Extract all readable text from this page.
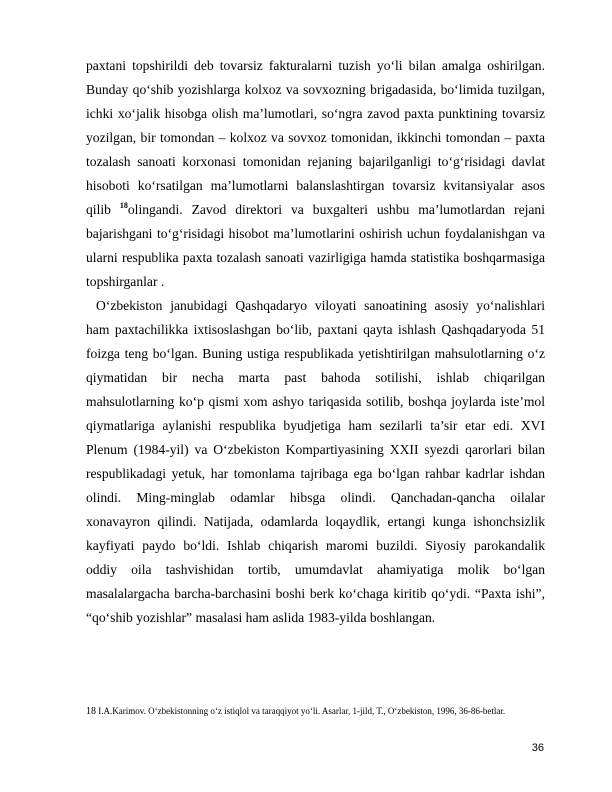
paxtani topshirildi deb tovarsiz fakturalarni tuzish yo‘li bilan amalga oshirilgan.
Bunday qo‘shib yozishlarga kolxoz va sovxozning brigadasida, bo‘limida tuzilgan,
ichki xo‘jalik hisobga olish ma’lumotlari, so‘ngra zavod paxta punktining tovarsiz
yozilgan, bir tomondan – kolxoz va sovxoz tomonidan, ikkinchi tomondan – paxta
tozalash sanoati korxonasi tomonidan rejaning bajarilganligi to‘g‘risidagi davlat
hisoboti ko‘rsatilgan ma’lumotlarni balanslashtirgan tovarsiz kvitansiyalar asos
qilib $^{18}$olingandi. Zavod direktori va buxgalteri ushbu ma’lumotlardan rejani
bajarishgani to‘g‘risidagi hisobot ma’lumotlarini oshirish uchun foydalanishgan va
ularni respublika paxta tozalash sanoati vazirligiga hamda statistika boshqarmasiga
topshirganlar .
O‘zbekiston janubidagi Qashqadaryo viloyati sanoatining asosiy yo‘nalishlari
ham paxtachilikka ixtisoslashgan bo‘lib, paxtani qayta ishlash Qashqadaryoda 51
foizga teng bo‘lgan. Buning ustiga respublikada yetishtirilgan mahsulotlarning o‘z
qiymatidan bir necha marta past bahoda sotilishi, ishlab chiqarilgan
mahsulotlarning ko‘p qismi xom ashyo tariqasida sotilib, boshqa joylarda iste’mol
qiymatlariga aylanishi respublika byudjetiga ham sezilarli ta’sir etar edi. XVI
Plenum (1984-yil) va O‘zbekiston Kompartiyasining XXII syezdi qarorlari bilan
respublikadagi yetuk, har tomonlama tajribaga ega bo‘lgan rahbar kadrlar ishdan
olindi. Ming-minglab odamlar hibsga olindi. Qanchadan-qancha oilalar
xonavayron qilindi. Natijada, odamlarda loqaydlik, ertangi kunga ishonchsizlik
kayfiyati paydo bo‘ldi. Ishlab chiqarish maromi buzildi. Siyosiy parokandalik
oddiy oila tashvishidan tortib, umumdavlat ahamiyatiga molik bo‘lgan
masalalargacha barcha-barchasini boshi berk ko‘chaga kiritib qo‘ydi. “Paxta ishi”,
“qo‘shib yozishlar” masalasi ham aslida 1983-yilda boshlangan.
18 I.A.Karimov. O‘zbekistonning o‘z istiqlol va taraqqiyot yo‘li. Asarlar, 1-jild, T., O‘zbekiston, 1996, 36-86-betlar.
36
